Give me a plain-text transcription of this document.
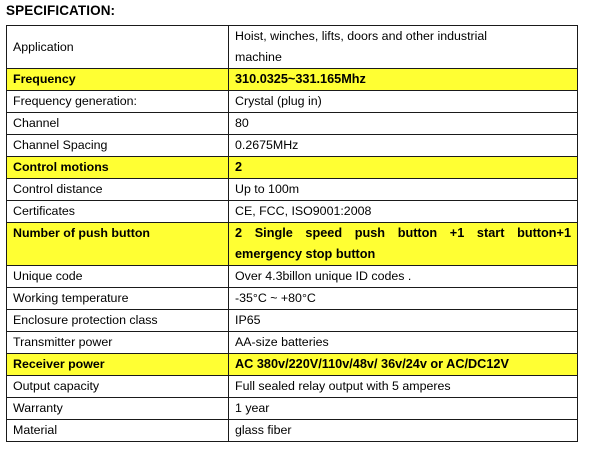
SPECIFICATION:
Application	Hoist, winches, lifts, doors and other industrial
machine

Frequency	310.0325~331.165Mhz
Frequency generation:	Crystal (plug in)
Channel	80
Channel Spacing	0.2675MHz
Control motions	2
Control distance	Up to 100m
Certificates	CE, FCC, ISO9001:2008
Number of push button	2 Single speed push button +1 start button+1
emergency stop button

Unique code	Over 4.3billon unique ID codes .
Working temperature	-35°C ~ +80°C
Enclosure protection class	IP65
Transmitter power	AA-size batteries
Receiver power	AC 380v/220V/110v/48v/ 36v/24v or AC/DC12V
Output capacity	Full sealed relay output with 5 amperes
Warranty	1 year
Material	glass fiber
